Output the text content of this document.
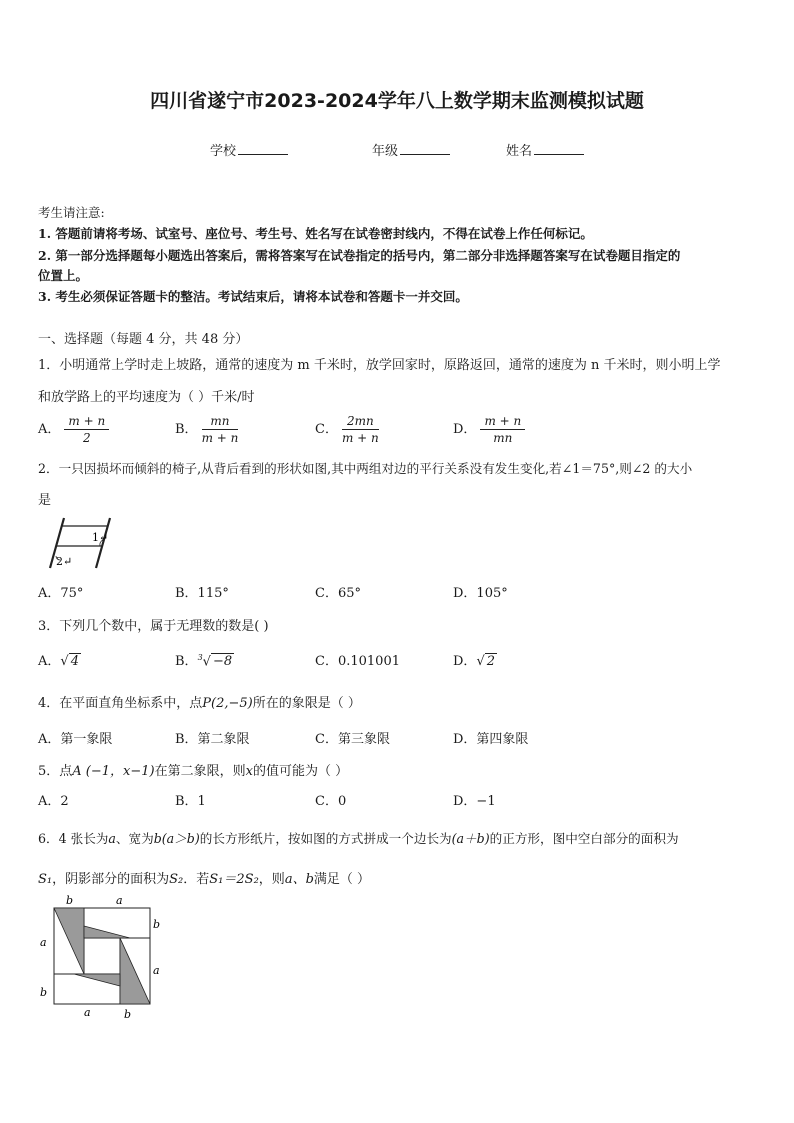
四川省遂宁市2023-2024学年八上数学期末监测模拟试题
学校	年级	姓名
考生请注意:
1. 答题前请将考场、试室号、座位号、考生号、姓名写在试卷密封线内，不得在试卷上作任何标记。
2. 第一部分选择题每小题选出答案后，需将答案写在试卷指定的括号内，第二部分非选择题答案写在试卷题目指定的
位置上。
3. 考生必须保证答题卡的整洁。考试结束后，请将本试卷和答题卡一并交回。
一、选择题（每题 4 分，共 48 分）
1．小明通常上学时走上坡路，通常的速度为 m 千米时，放学回家时，原路返回，通常的速度为 n 千米时，则小明上学
和放学路上的平均速度为（ ）千米/时
A． $\frac{m + n}{2}$	B． $\frac{mn}{m + n}$	C． $\frac{2mn}{m + n}$	D． $\frac{m + n}{mn}$
2．一只因损坏而倾斜的椅子,从背后看到的形状如图,其中两组对边的平行关系没有发生变化,若∠1＝75°,则∠2 的大小
是
1↵
2↵
A．75°	B．115°	C．65°	D．105°
3．下列几个数中，属于无理数的数是( )
A．√ 4	B．$^3$√ −8	C．0.101001	D．√ 2
4．在平面直角坐标系中，点P(2,−5)所在的象限是（ ）
A．第一象限	B．第二象限	C．第三象限	D．第四象限
5．点A (−1，x−1)在第二象限，则x的值可能为（ ）
A．2	B．1	C．0	D．−1
6．4 张长为a、宽为b(a＞b)的长方形纸片，按如图的方式拼成一个边长为(a＋b)的正方形，图中空白部分的面积为
S₁，阴影部分的面积为S₂．若S₁＝2S₂，则a、b满足（ ）
b	a
b
a
a
b
a	b
